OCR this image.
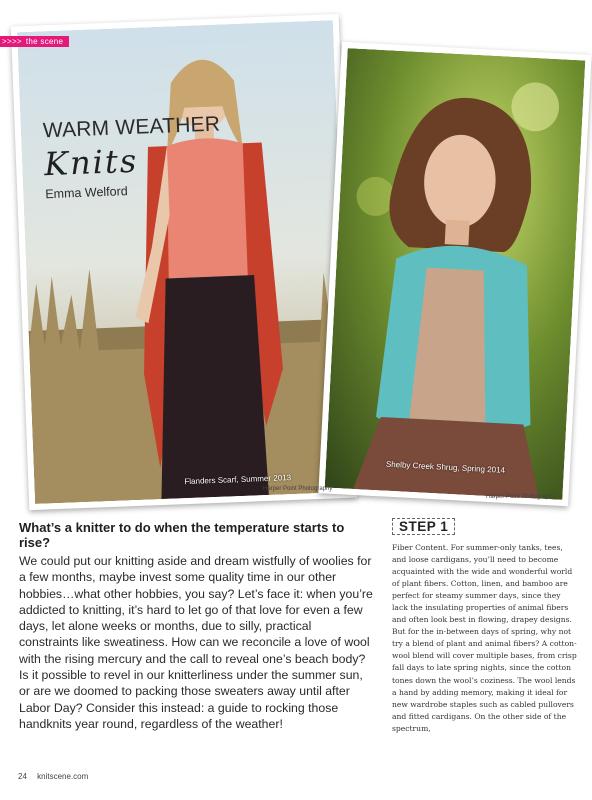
WARM WEATHER
Knits
Emma Welford
Flanders Scarf, Summer 2013
Shelby Creek Shrug, Spring 2014
>>>> the scene
Harper Point Photography
Harper Point Photography

What’s a knitter to do when the temperature starts to rise?

We could put our knitting aside and dream wistfully of woolies for a few months, maybe invest some quality time in our other hobbies…what other hobbies, you say? Let’s face it: when you’re addicted to knitting, it’s hard to let go of that love for even a few days, let alone weeks or months, due to silly, practical constraints like sweatiness. How can we reconcile a love of wool with the rising mercury and the call to reveal one’s beach body? Is it possible to revel in our knitterliness under the summer sun, or are we doomed to packing those sweaters away until after Labor Day? Consider this instead: a guide to rocking those handknits year round, regardless of the weather!

STEP 1

Fiber Content. For summer-only tanks, tees, and loose cardigans, you’ll need to become acquainted with the wide and wonderful world of plant fibers. Cotton, linen, and bamboo are perfect for steamy summer days, since they lack the insulating properties of animal fibers and often look best in flowing, drapey designs. But for the in-between days of spring, why not try a blend of plant and animal fibers? A cotton-wool blend will cover multiple bases, from crisp fall days to late spring nights, since the cotton tones down the wool’s coziness. The wool lends a hand by adding memory, making it ideal for new wardrobe staples such as cabled pullovers and fitted cardigans. On the other side of the spectrum,

24 knitscene.com
